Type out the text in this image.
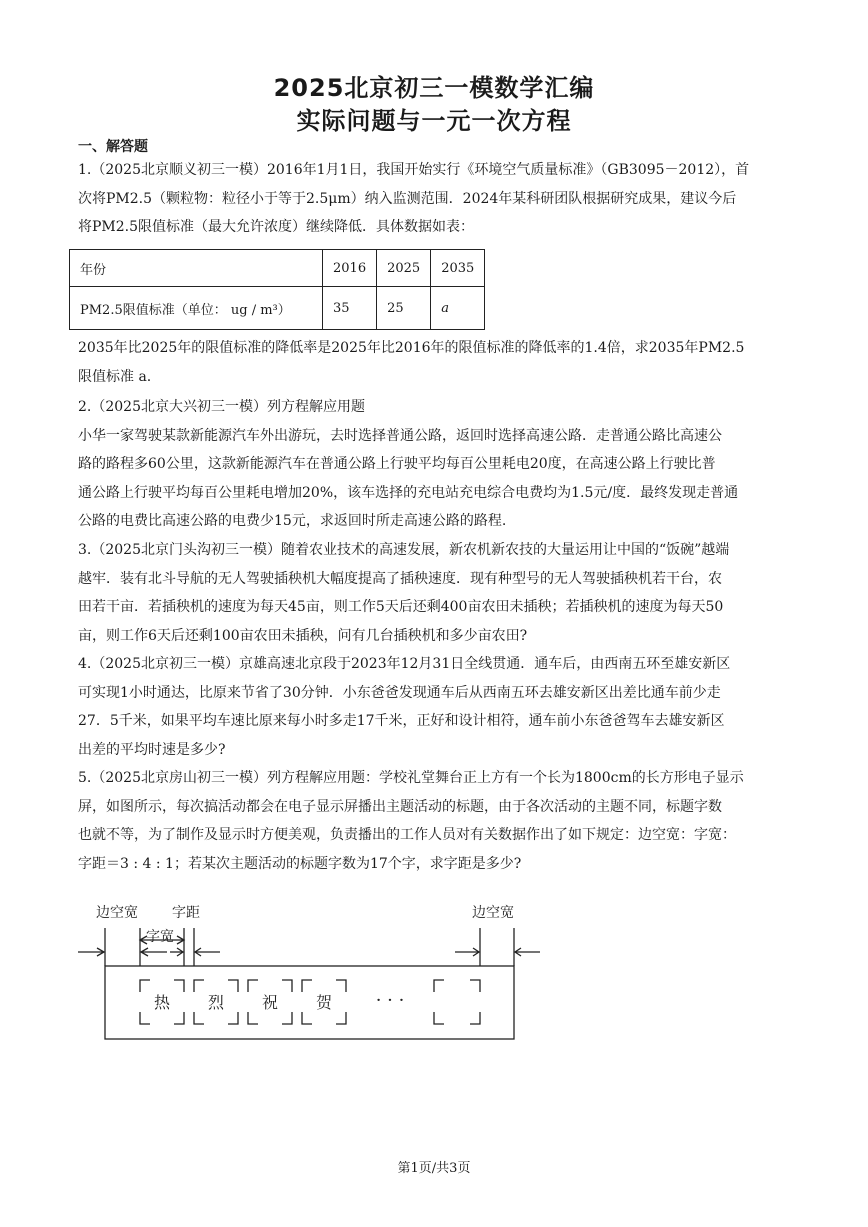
2025北京初三一模数学汇编
实际问题与一元一次方程
一、解答题
1.（2025北京顺义初三一模）2016年1月1日，我国开始实行《环境空气质量标准》（GB3095－2012），首
次将PM2.5（颗粒物：粒径小于等于2.5μm）纳入监测范围．2024年某科研团队根据研究成果，建议今后
将PM2.5限值标准（最大允许浓度）继续降低．具体数据如表：
年份	2016	2025	2035
PM2.5限值标准（单位： ug / m³）	35	25	a
2035年比2025年的限值标准的降低率是2025年比2016年的限值标准的降低率的1.4倍，求2035年PM2.5
限值标准 a.
2.（2025北京大兴初三一模）列方程解应用题
小华一家驾驶某款新能源汽车外出游玩，去时选择普通公路，返回时选择高速公路．走普通公路比高速公
路的路程多60公里，这款新能源汽车在普通公路上行驶平均每百公里耗电20度，在高速公路上行驶比普
通公路上行驶平均每百公里耗电增加20%，该车选择的充电站充电综合电费均为1.5元/度．最终发现走普通
公路的电费比高速公路的电费少15元，求返回时所走高速公路的路程.
3.（2025北京门头沟初三一模）随着农业技术的高速发展，新农机新农技的大量运用让中国的“饭碗”越端
越牢．装有北斗导航的无人驾驶插秧机大幅度提高了插秧速度．现有种型号的无人驾驶插秧机若干台，农
田若干亩．若插秧机的速度为每天45亩，则工作5天后还剩400亩农田未插秧；若插秧机的速度为每天50
亩，则工作6天后还剩100亩农田未插秧，问有几台插秧机和多少亩农田?
4.（2025北京初三一模）京雄高速北京段于2023年12月31日全线贯通．通车后，由西南五环至雄安新区
可实现1小时通达，比原来节省了30分钟．小东爸爸发现通车后从西南五环去雄安新区出差比通车前少走
27．5千米，如果平均车速比原来每小时多走17千米，正好和设计相符，通车前小东爸爸驾车去雄安新区
出差的平均时速是多少?
5.（2025北京房山初三一模）列方程解应用题：学校礼堂舞台正上方有一个长为1800cm的长方形电子显示
屏，如图所示，每次搞活动都会在电子显示屏播出主题活动的标题，由于各次活动的主题不同，标题字数
也就不等，为了制作及显示时方便美观，负责播出的工作人员对有关数据作出了如下规定：边空宽：字宽：
字距＝3 : 4 : 1；若某次主题活动的标题字数为17个字，求字距是多少?
边空宽 字距
字宽
边空宽
热 烈 祝 贺 · · ·
第1页/共3页
